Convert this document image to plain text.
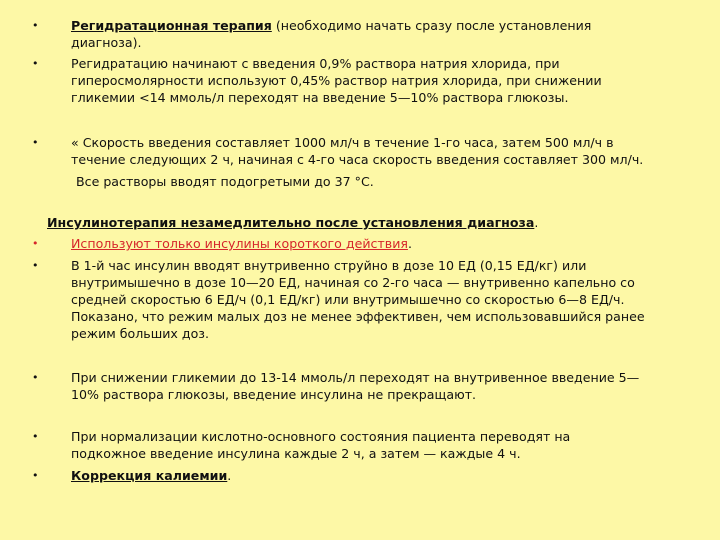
•	Регидратационная терапия (необходимо начать сразу после установления
диагноза).
•	Регидратацию начинают с введения 0,9% раствора натрия хлорида, при
гиперосмолярности используют 0,45% раствор натрия хлорида, при снижении
гликемии <14 ммоль/л переходят на введение 5—10% раствора глюкозы.
•	« Скорость введения составляет 1000 мл/ч в течение 1-го часа, затем 500 мл/ч в
течение следующих 2 ч, начиная с 4-го часа скорость введения составляет 300 мл/ч.
Все растворы вводят подогретыми до 37 °С.
Инсулинотерапия незамедлительно после установления диагноза.
•	Используют только инсулины короткого действия.
•	В 1-й час инсулин вводят внутривенно струйно в дозе 10 ЕД (0,15 ЕД/кг) или
внутримышечно в дозе 10—20 ЕД, начиная со 2-го часа — внутривенно капельно со
средней скоростью 6 ЕД/ч (0,1 ЕД/кг) или внутримышечно со скоростью 6—8 ЕД/ч.
Показано, что режим малых доз не менее эффективен, чем использовавшийся ранее
режим больших доз.
•	При снижении гликемии до 13-14 ммоль/л переходят на внутривенное введение 5—
10% раствора глюкозы, введение инсулина не прекращают.
•	При нормализации кислотно-основного состояния пациента переводят на
подкожное введение инсулина каждые 2 ч, а затем — каждые 4 ч.
•	Коррекция калиемии.
